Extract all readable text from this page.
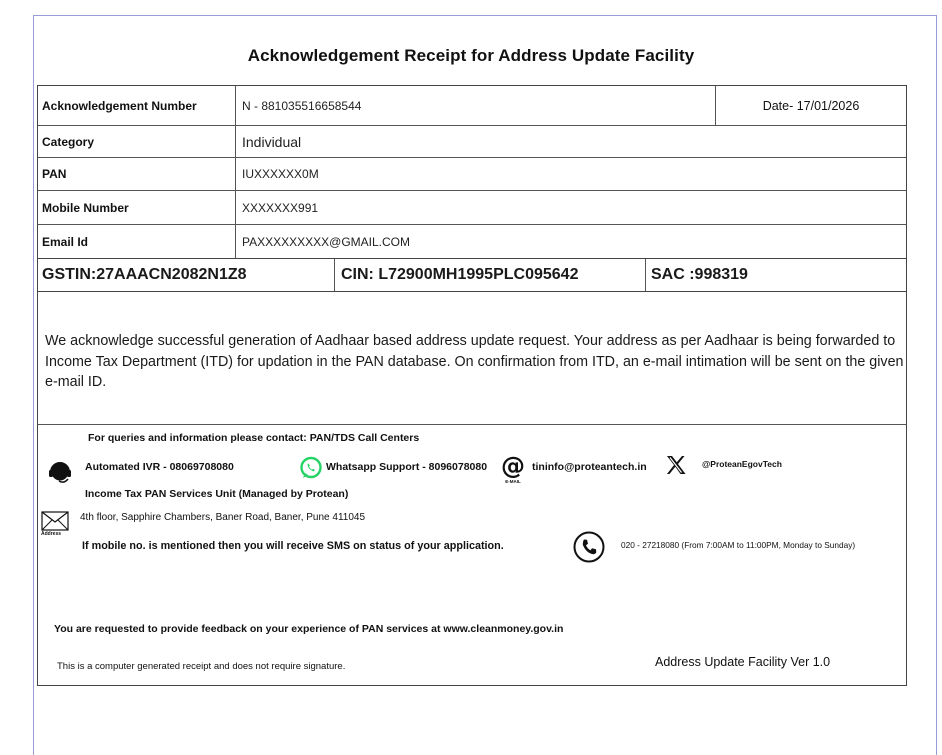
Acknowledgement Receipt for Address Update Facility
Acknowledgement Number	N - 881035516658544	Date- 17/01/2026
Category	Individual
PAN	IUXXXXXX0M
Mobile Number	XXXXXXX991
Email Id	PAXXXXXXXXX@GMAIL.COM
GSTIN:27AAACN2082N1Z8	CIN: L72900MH1995PLC095642	SAC :998319
We acknowledge successful generation of Aadhaar based address update request. Your address as per Aadhaar is being forwarded to Income Tax Department (ITD) for updation in the PAN database. On confirmation from ITD, an e-mail intimation will be sent on the given e-mail ID.
For queries and information please contact: PAN/TDS Call Centers
Automated IVR - 08069708080	Whatsapp Support - 8096078080 @
E-MAIL
tininfo@proteantech.in	@ProteanEgovTech
Income Tax PAN Services Unit (Managed by Protean)
Address
4th floor, Sapphire Chambers, Baner Road, Baner, Pune 411045
If mobile no. is mentioned then you will receive SMS on status of your application.	020 - 27218080 (From 7:00AM to 11:00PM, Monday to Sunday)
You are requested to provide feedback on your experience of PAN services at www.cleanmoney.gov.in
This is a computer generated receipt and does not require signature.	Address Update Facility Ver 1.0
